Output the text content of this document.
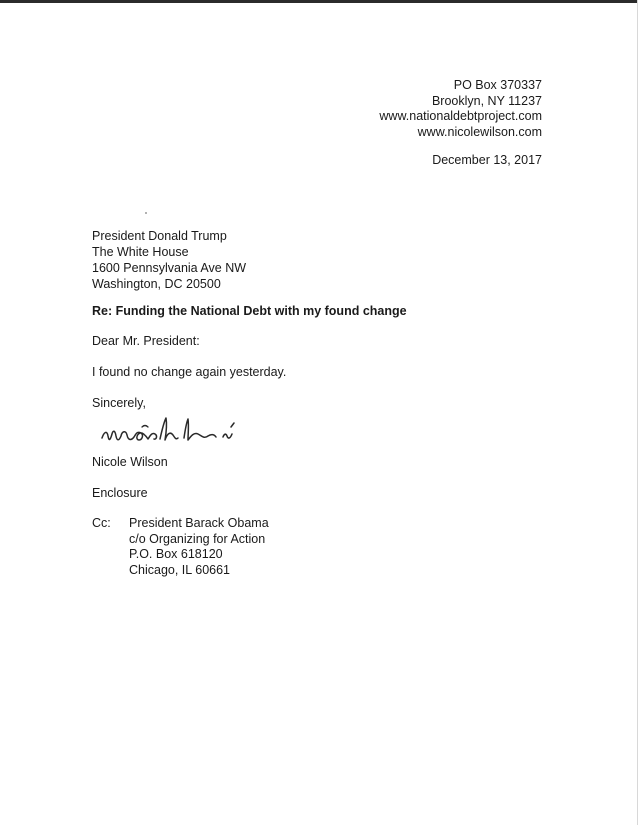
PO Box 370337
Brooklyn, NY 11237
www.nationaldebtproject.com
www.nicolewilson.com
December 13, 2017
President Donald Trump
The White House
1600 Pennsylvania Ave NW
Washington, DC 20500
Re: Funding the National Debt with my found change
Dear Mr. President:
I found no change again yesterday.
Sincerely,
Nicole Wilson
Enclosure
Cc: President Barack Obama
c/o Organizing for Action
P.O. Box 618120
Chicago, IL 60661
